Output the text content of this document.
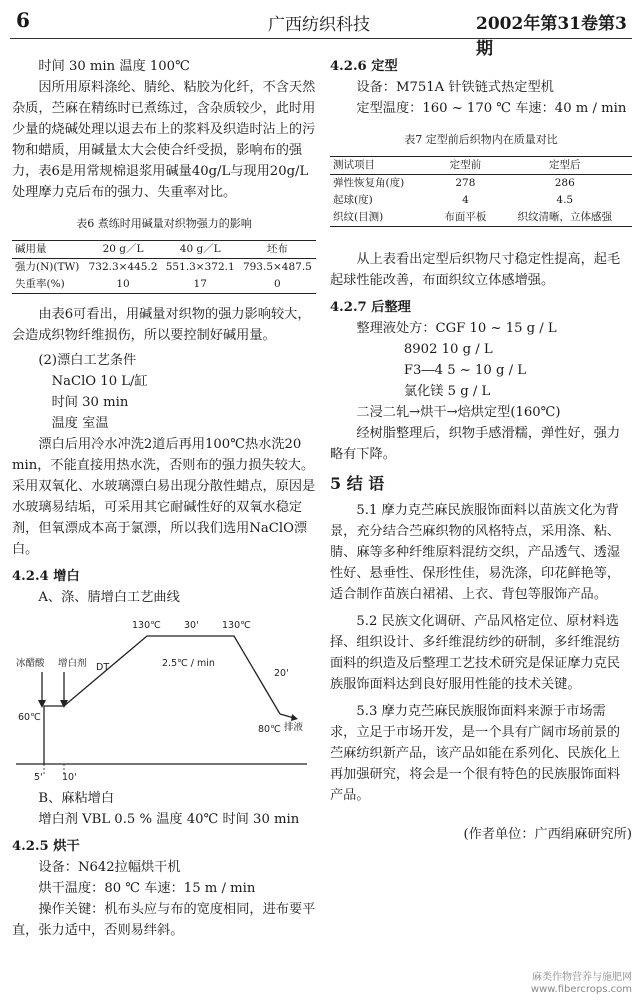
6	广西纺织科技	2002年第31卷第3期

时间 30 min 温度 100℃

因所用原料涤纶、腈纶、粘胶为化纤，不含天然杂质，苎麻在精练时已煮练过，含杂质较少，此时用少量的烧碱处理以退去布上的浆料及织造时沾上的污物和蜡质，用碱量太大会使合纤受损，影响布的强力，表6是用常规棉退浆用碱量40g/L与现用20g/L处理摩力克后布的强力、失重率对比。

表6 煮练时用碱量对织物强力的影响
碱用量	20 g／L	40 g／L	坯布
强力(N)(TW)	732.3×445.2	551.3×372.1	793.5×487.5
失重率(%)	10	17	0

由表6可看出，用碱量对织物的强力影响较大，会造成织物纤维损伤，所以要控制好碱用量。

(2)漂白工艺条件

NaClO 10 L/缸

时间 30 min

温度 室温

漂白后用冷水冲洗2道后再用100℃热水洗20 min，不能直接用热水洗，否则布的强力损失较大。采用双氧化、水玻璃漂白易出现分散性蜡点，原因是水玻璃易结垢，可采用其它耐碱性好的双氧水稳定剂，但氧漂成本高于氯漂，所以我们选用NaClO漂白。

4.2.4 增白

A、涤、腈增白工艺曲线

冰醋酸 增白剂 DT
130℃ 30' 130℃
2.5℃ / min
20'
60℃
80℃ 排液
5' 10'

B、麻粘增白

增白剂 VBL 0.5 % 温度 40℃ 时间 30 min

4.2.5 烘干

设备：N642拉幅烘干机

烘干温度：80 ℃ 车速：15 m / min

操作关键：机布头应与布的宽度相同，进布要平直，张力适中，否则易绊斜。

4.2.6 定型

设备：M751A 针铁链式热定型机

定型温度：160 ~ 170 ℃ 车速：40 m / min

表7 定型前后织物内在质量对比
测试项目	定型前	定型后
弹性恢复角(度)	278	286
起球(度)	4	4.5
织纹(目测)	布面平板	织纹清晰，立体感强

从上表看出定型后织物尺寸稳定性提高，起毛起球性能改善，布面织纹立体感增强。

4.2.7 后整理

整理液处方：CGF 10 ~ 15 g / L

8902 10 g / L

F3―4 5 ~ 10 g / L

氯化镁 5 g / L

二浸二轧→烘干→焙烘定型(160℃)

经树脂整理后，织物手感滑糯，弹性好，强力略有下降。

5 结 语

5.1 摩力克苎麻民族服饰面料以苗族文化为背景，充分结合苎麻织物的风格特点，采用涤、粘、腈、麻等多种纤维原料混纺交织，产品透气、透湿性好、悬垂性、保形性佳，易洗涤，印花鲜艳等，适合制作苗族白裙裙、上衣、背包等服饰产品。

5.2 民族文化调研、产品风格定位、原材料选择、组织设计、多纤维混纺纱的研制，多纤维混纺面料的织造及后整理工艺技术研究是保证摩力克民族服饰面料达到良好服用性能的技术关键。

5.3 摩力克苎麻民族服饰面料来源于市场需求，立足于市场开发，是一个具有广阔市场前景的苎麻纺织新产品，该产品如能在系列化、民族化上再加强研究，将会是一个很有特色的民族服饰面料产品。

(作者单位：广西绢麻研究所)

麻类作物营养与施肥网
www.fibercrops.com
